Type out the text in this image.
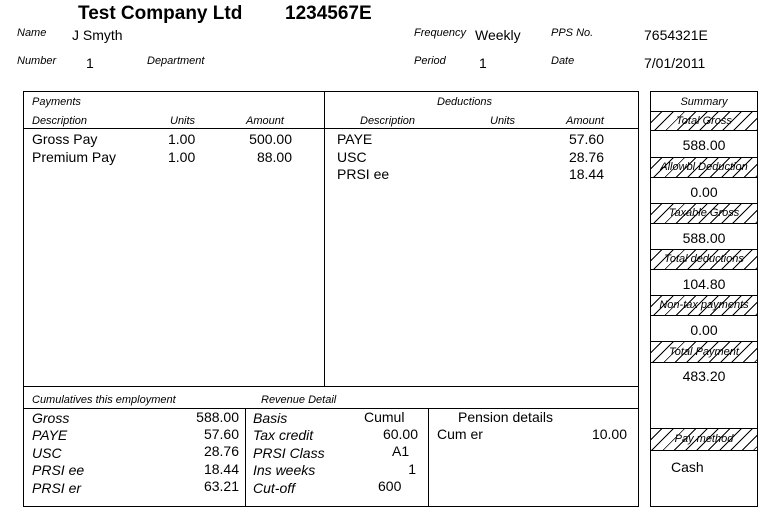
Test Company Ltd 1234567E
Name J Smyth
Number 1	Department
Frequency Weekly
Period 1
PPS No.	7654321E
Date	7/01/2011
Payments
Description	Units	Amount
Gross Pay	1.00	500.00
Premium Pay	1.00	88.00
Deductions
Description	Units	Amount
PAYE	57.60
USC	28.76
PRSI ee	18.44
Cumulatives this employment	Revenue Detail
Gross	588.00
PAYE	57.60
USC	28.76
PRSI ee	18.44
PRSI er	63.21
Basis	Cumul
Tax credit	60.00
PRSI Class	A1
Ins weeks	1
Cut-off	600
Pension details
Cum er	10.00
Summary
Total Gross
588.00
Allowbl Deduction
0.00
Taxable Gross
588.00
Total deductions
104.80
Non-tax payments
0.00
Total Payment
483.20
Pay method
Cash
